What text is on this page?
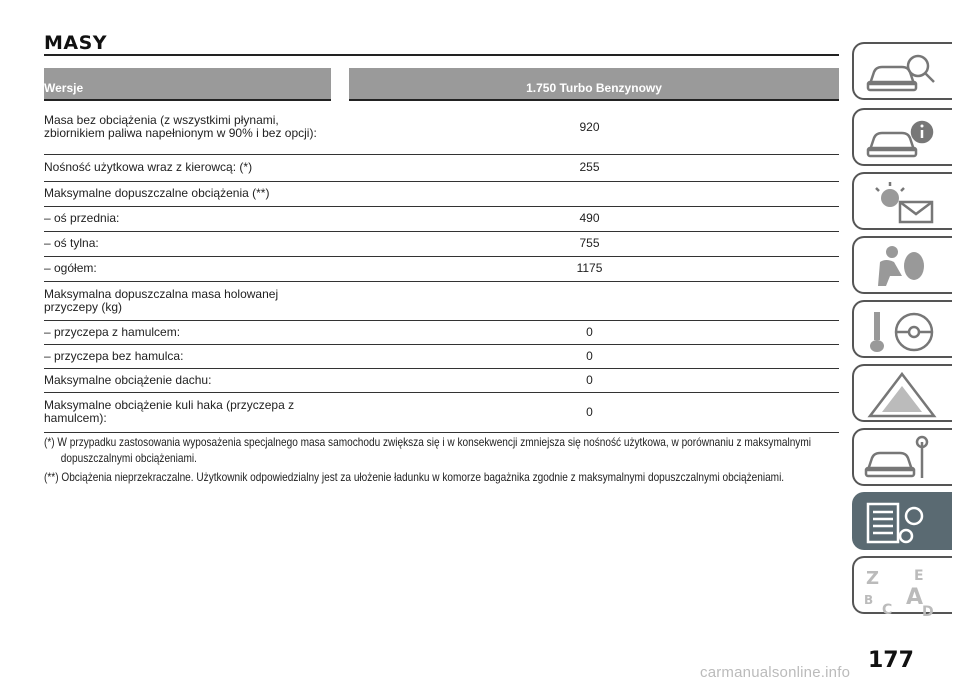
MASY
Wersje	1.750 Turbo Benzynowy
Masa bez obciążenia (z wszystkimi płynami, zbiornikiem paliwa napełnionym w 90% i bez opcji):	920
Nośność użytkowa wraz z kierowcą: (*)	255
Maksymalne dopuszczalne obciążenia (**)	
– oś przednia:	490
– oś tylna:	755
– ogółem:	1175
Maksymalna dopuszczalna masa holowanej przyczepy (kg)	
– przyczepa z hamulcem:	0
– przyczepa bez hamulca:	0
Maksymalne obciążenie dachu:	0
Maksymalne obciążenie kuli haka (przyczepa z hamulcem):	0

(*) W przypadku zastosowania wyposażenia specjalnego masa samochodu zwiększa się i w konsekwencji zmniejsza się nośność użytkowa, w porównaniu z maksymalnymi dopuszczalnymi obciążeniami.

(**) Obciążenia nieprzekraczalne. Użytkownik odpowiedzialny jest za ułożenie ładunku w komorze bagażnika zgodnie z maksymalnymi dopuszczalnymi obciążeniami.

Z E
B A
C D
177
carmanualsonline.info
